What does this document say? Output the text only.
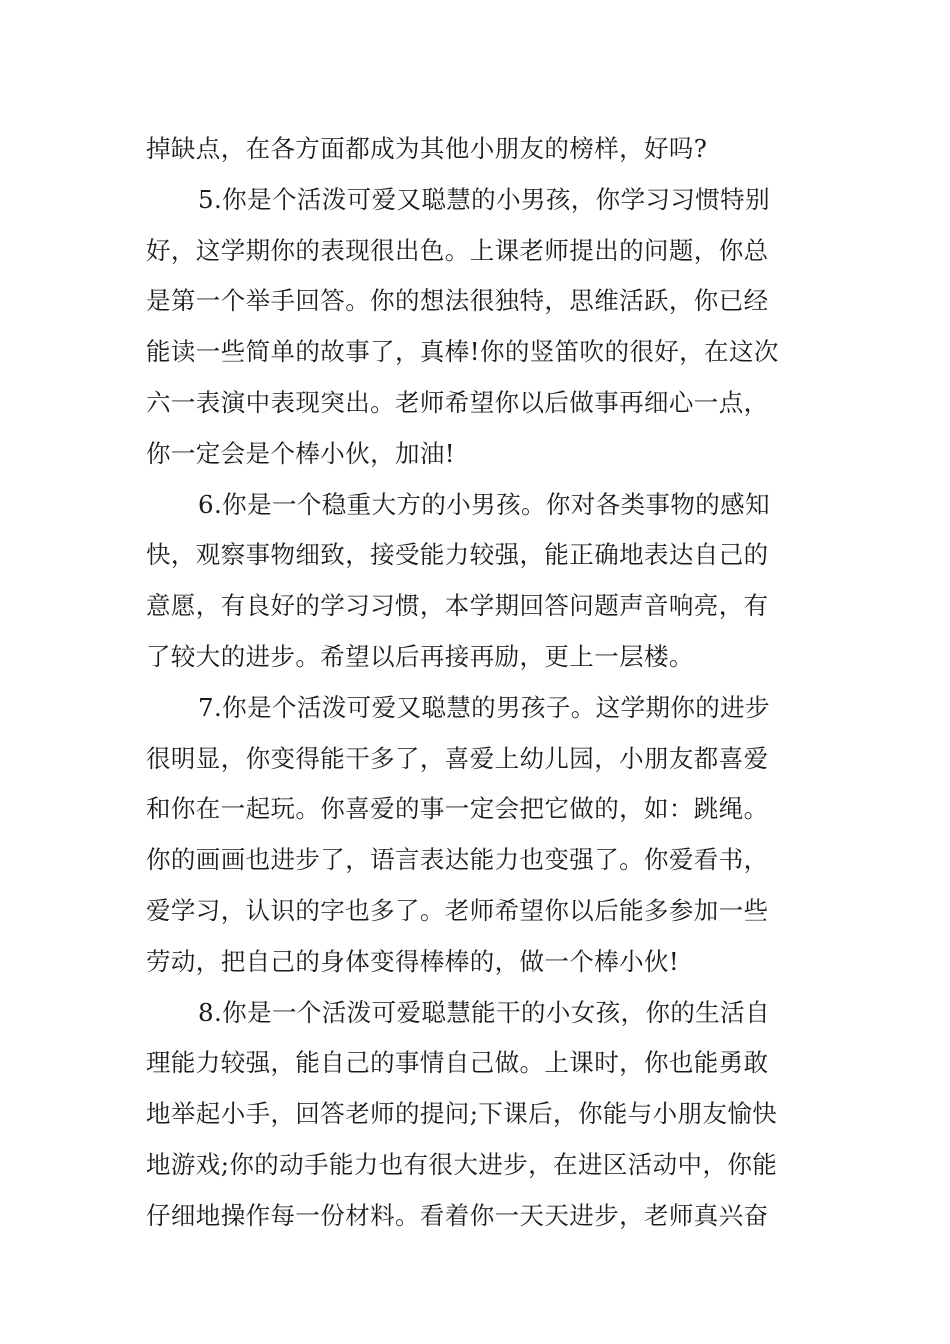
掉缺点，在各方面都成为其他小朋友的榜样，好吗?
5.你是个活泼可爱又聪慧的小男孩，你学习习惯特别
好，这学期你的表现很出色。上课老师提出的问题，你总
是第一个举手回答。你的想法很独特，思维活跃，你已经
能读一些简单的故事了，真棒!你的竖笛吹的很好，在这次
六一表演中表现突出。老师希望你以后做事再细心一点，
你一定会是个棒小伙，加油!
6.你是一个稳重大方的小男孩。你对各类事物的感知
快，观察事物细致，接受能力较强，能正确地表达自己的
意愿，有良好的学习习惯，本学期回答问题声音响亮，有
了较大的进步。希望以后再接再励，更上一层楼。
7.你是个活泼可爱又聪慧的男孩子。这学期你的进步
很明显，你变得能干多了，喜爱上幼儿园，小朋友都喜爱
和你在一起玩。你喜爱的事一定会把它做的，如：跳绳。
你的画画也进步了，语言表达能力也变强了。你爱看书，
爱学习，认识的字也多了。老师希望你以后能多参加一些
劳动，把自己的身体变得棒棒的，做一个棒小伙!
8.你是一个活泼可爱聪慧能干的小女孩，你的生活自
理能力较强，能自己的事情自己做。上课时，你也能勇敢
地举起小手，回答老师的提问;下课后，你能与小朋友愉快
地游戏;你的动手能力也有很大进步，在进区活动中，你能
仔细地操作每一份材料。看着你一天天进步，老师真兴奋
